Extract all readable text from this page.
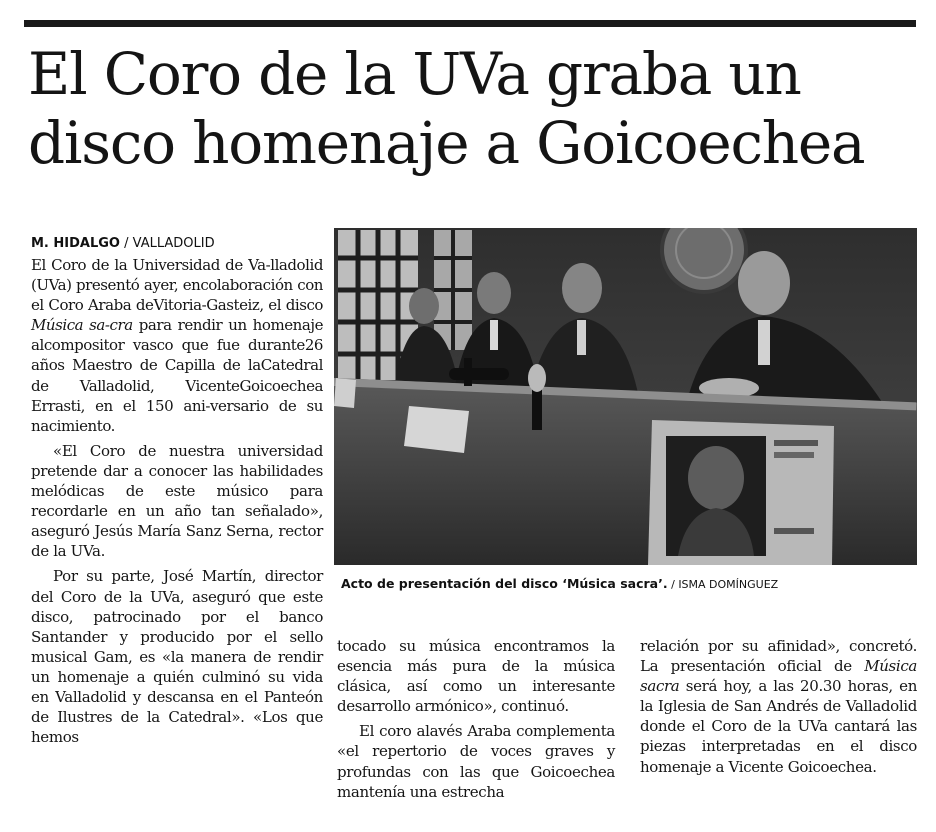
El Coro de la UVa graba un
disco homenaje a Goicoechea

M. HIDALGO / VALLADOLID

El Coro de la Universidad de Va-lladolid (UVa) presentó ayer, encolaboración con el Coro Araba deVitoria-Gasteiz, el disco Música sa-cra para rendir un homenaje alcompositor vasco que fue durante26 años Maestro de Capilla de laCatedral de Valladolid, VicenteGoicoechea Errasti, en el 150 ani-versario de su nacimiento.

«El Coro de nuestra universidad pretende dar a conocer las habilidades melódicas de este músico para recordarle en un año tan señalado», aseguró Jesús María Sanz Serna, rector de la UVa.

Por su parte, José Martín, director del Coro de la UVa, aseguró que este disco, patrocinado por el banco Santander y producido por el sello musical Gam, es «la manera de rendir un homenaje a quién culminó su vida en Valladolid y descansa en el Panteón de Ilustres de la Catedral». «Los que hemos

Acto de presentación del disco ‘Música sacra’. / ISMA DOMÍNGUEZ

tocado su música encontramos la esencia más pura de la música clásica, así como un interesante desarrollo armónico», continuó.

El coro alavés Araba complementa «el repertorio de voces graves y profundas con las que Goicoechea mantenía una estrecha

relación por su afinidad», concretó. La presentación oficial de Música sacra será hoy, a las 20.30 horas, en la Iglesia de San Andrés de Valladolid donde el Coro de la UVa cantará las piezas interpretadas en el disco homenaje a Vicente Goicoechea.
